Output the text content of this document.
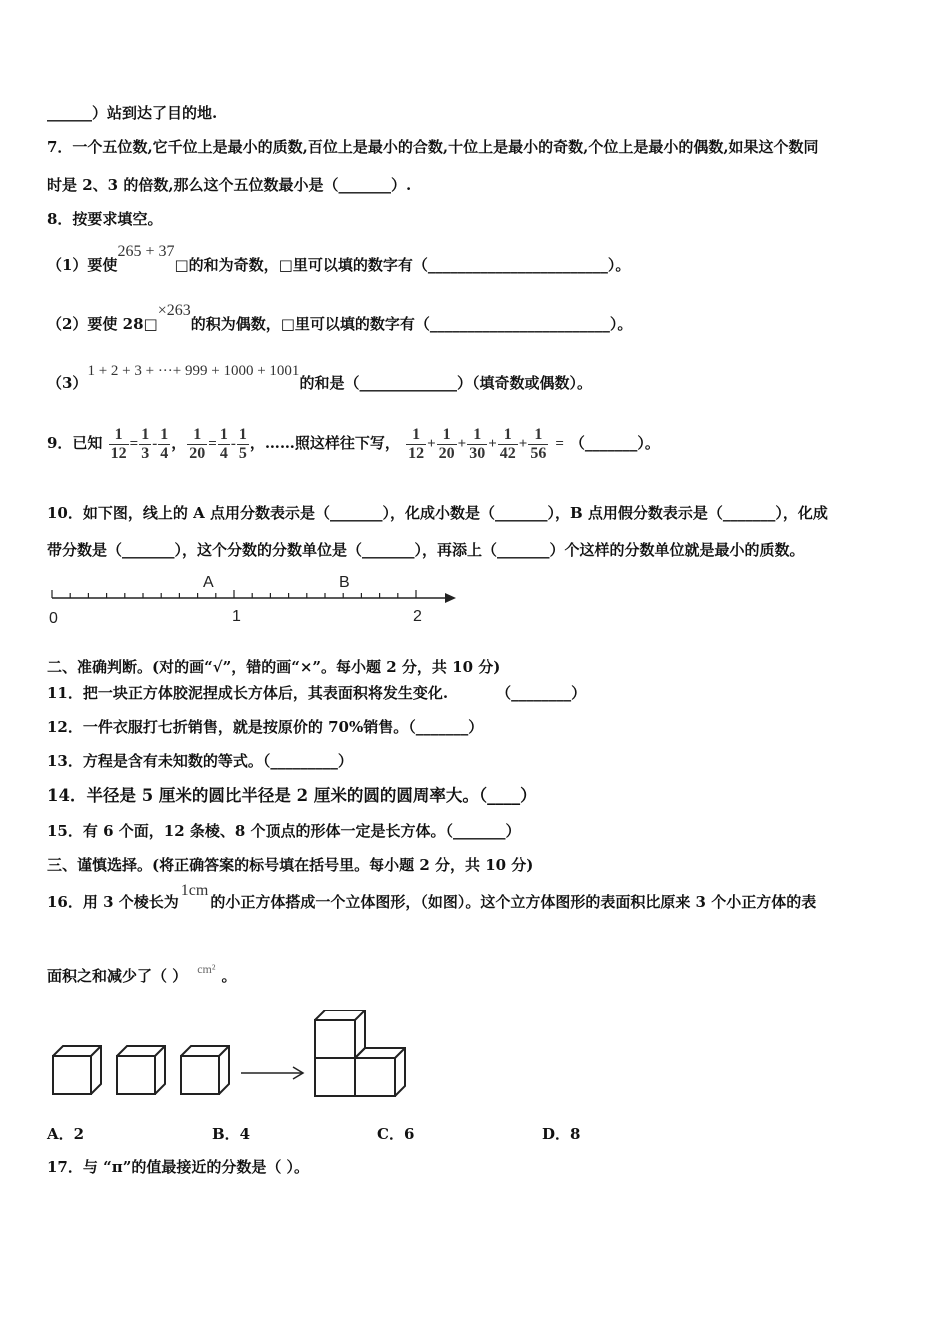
______）站到达了目的地.
7．一个五位数,它千位上是最小的质数,百位上是最小的合数,十位上是最小的奇数,个位上是最小的偶数,如果这个数同
时是 2、3 的倍数,那么这个五位数最小是（_______）.
8．按要求填空。
（1）要使265 + 37□的和为奇数，□里可以填的数字有（________________________）。
（2）要使 28□×263的积为偶数，□里可以填的数字有（________________________）。
（3）1 + 2 + 3 + ···+ 999 + 1000 + 1001的和是（_____________）（填奇数或偶数）。
9．已知 $\frac{1}{12} = \frac{1}{3} - \frac{1}{4}$ ， $\frac{1}{20} = \frac{1}{4} - \frac{1}{5}$ ，……照这样往下写， $\frac{1}{12} + \frac{1}{20} + \frac{1}{30} + \frac{1}{42} + \frac{1}{56}$ = （_______）。
10．如下图，线上的 A 点用分数表示是（_______），化成小数是（_______），B 点用假分数表示是（_______），化成
带分数是（_______），这个分数的分数单位是（_______），再添上（_______）个这样的分数单位就是最小的质数。
A	B
0	1	2
二、准确判断。(对的画“√”，错的画“×”。每小题 2 分，共 10 分)
11．把一块正方体胶泥捏成长方体后，其表面积将发生变化.	（________）
12．一件衣服打七折销售，就是按原价的 70%销售。（_______）
13．方程是含有未知数的等式。（_________）
14．半径是 5 厘米的圆比半径是 2 厘米的圆的圆周率大。（____）
15．有 6 个面，12 条棱、8 个顶点的形体一定是长方体。（_______）
三、谨慎选择。(将正确答案的标号填在括号里。每小题 2 分，共 10 分)
16．用 3 个棱长为1cm的小正方体搭成一个立体图形，（如图）。这个立方体图形的表面积比原来 3 个小正方体的表
面积之和减少了（ ） $^{cm^2}$ 。
A．2	B．4	C．6	D．8
17．与 “π”的值最接近的分数是（ ）。
